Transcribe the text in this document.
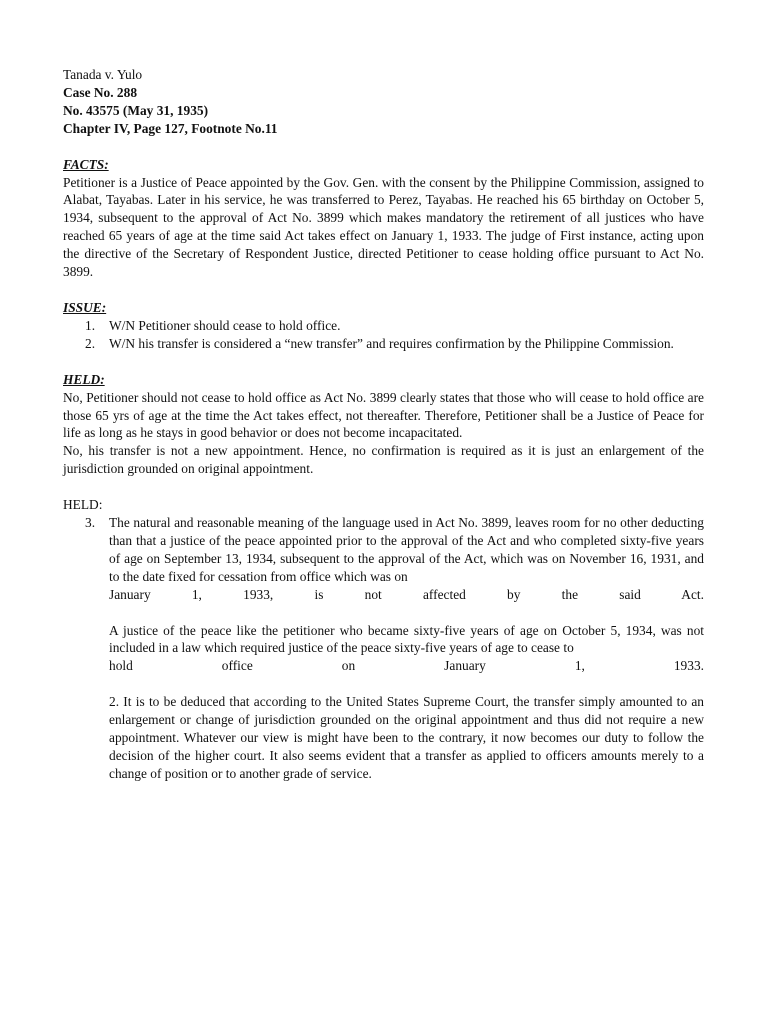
Tanada v. Yulo
Case No. 288
No. 43575 (May 31, 1935)
Chapter IV, Page 127, Footnote No.11
FACTS:
Petitioner is a Justice of Peace appointed by the Gov. Gen. with the consent by the Philippine Commission, assigned to Alabat, Tayabas. Later in his service, he was transferred to Perez, Tayabas. He reached his 65 birthday on October 5, 1934, subsequent to the approval of Act No. 3899 which makes mandatory the retirement of all justices who have reached 65 years of age at the time said Act takes effect on January 1, 1933. The judge of First instance, acting upon the directive of the Secretary of Respondent Justice, directed Petitioner to cease holding office pursuant to Act No. 3899.
ISSUE:
1. W/N Petitioner should cease to hold office.
2. W/N his transfer is considered a “new transfer” and requires confirmation by the Philippine Commission.
HELD:
No, Petitioner should not cease to hold office as Act No. 3899 clearly states that those who will cease to hold office are those 65 yrs of age at the time the Act takes effect, not thereafter. Therefore, Petitioner shall be a Justice of Peace for life as long as he stays in good behavior or does not become incapacitated.
No, his transfer is not a new appointment. Hence, no confirmation is required as it is just an enlargement of the jurisdiction grounded on original appointment.
HELD:
3. The natural and reasonable meaning of the language used in Act No. 3899, leaves room for no other deducting than that a justice of the peace appointed prior to the approval of the Act and who completed sixty-five years of age on September 13, 1934, subsequent to the approval of the Act, which was on November 16, 1931, and to the date fixed for cessation from office which was on
January 1, 1933, is not affected by the said Act.
A justice of the peace like the petitioner who became sixty-five years of age on October 5, 1934, was not included in a law which required justice of the peace sixty-five years of age to cease to
hold office on January 1, 1933.
2. It is to be deduced that according to the United States Supreme Court, the transfer simply amounted to an enlargement or change of jurisdiction grounded on the original appointment and thus did not require a new appointment. Whatever our view is might have been to the contrary, it now becomes our duty to follow the decision of the higher court. It also seems evident that a transfer as applied to officers amounts merely to a change of position or to another grade of service.
